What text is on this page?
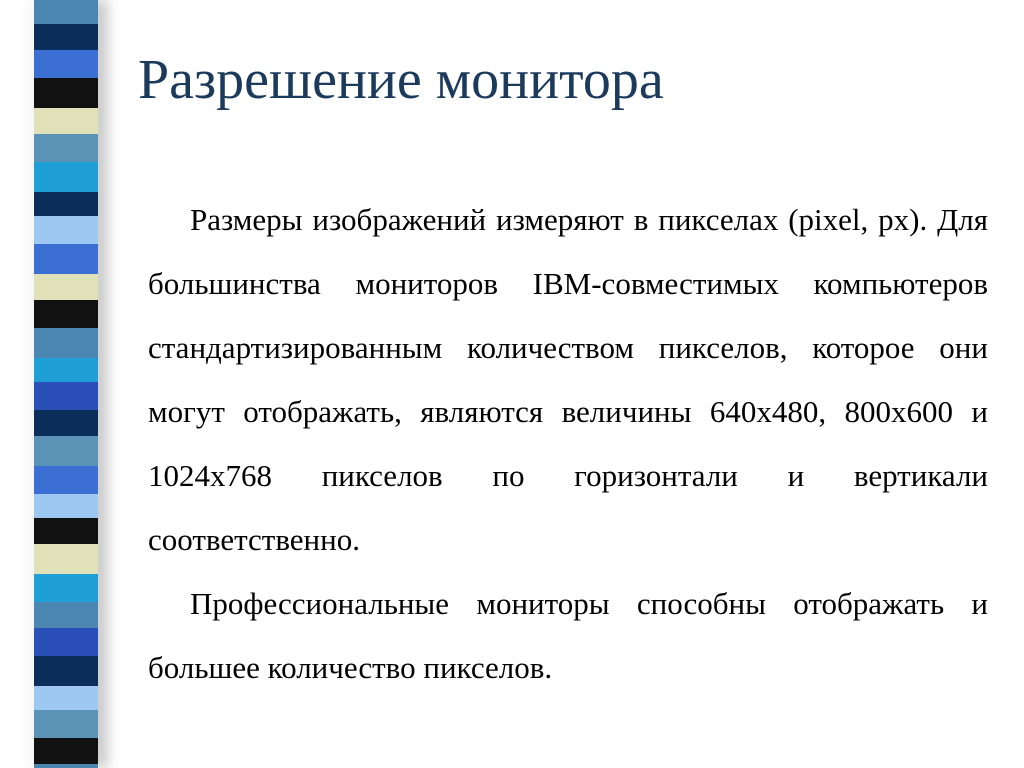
Разрешение монитора

Размеры изображений измеряют в пикселах (pixel, px). Для большинства мониторов IBM-совместимых компьютеров стандартизированным количеством пикселов, которое они могут отображать, являются величины 640x480, 800x600 и 1024x768 пикселов по горизонтали и вертикали соответственно.

Профессиональные мониторы способны отображать и большее количество пикселов.
